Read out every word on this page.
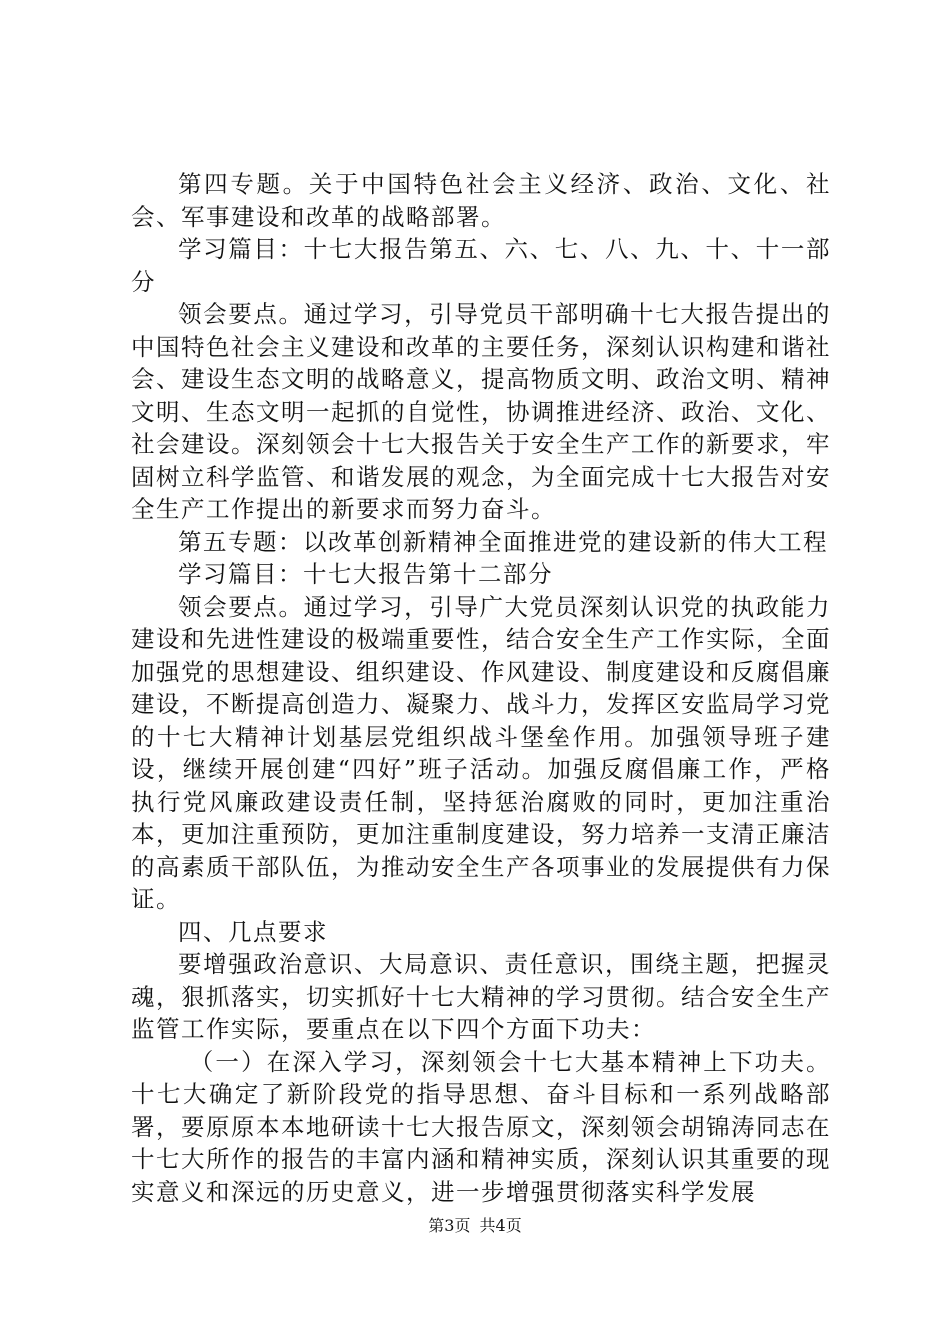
第四专题。关于中国特色社会主义经济、政治、文化、社会、军事建设和改革的战略部署。

学习篇目：十七大报告第五、六、七、八、九、十、十一部分

领会要点。通过学习，引导党员干部明确十七大报告提出的中国特色社会主义建设和改革的主要任务，深刻认识构建和谐社会、建设生态文明的战略意义，提高物质文明、政治文明、精神文明、生态文明一起抓的自觉性，协调推进经济、政治、文化、社会建设。深刻领会十七大报告关于安全生产工作的新要求，牢固树立科学监管、和谐发展的观念，为全面完成十七大报告对安全生产工作提出的新要求而努力奋斗。

第五专题：以改革创新精神全面推进党的建设新的伟大工程

学习篇目：十七大报告第十二部分

领会要点。通过学习，引导广大党员深刻认识党的执政能力建设和先进性建设的极端重要性，结合安全生产工作实际，全面加强党的思想建设、组织建设、作风建设、制度建设和反腐倡廉建设，不断提高创造力、凝聚力、战斗力，发挥区安监局学习党的十七大精神计划基层党组织战斗堡垒作用。加强领导班子建设，继续开展创建“四好”班子活动。加强反腐倡廉工作，严格执行党风廉政建设责任制，坚持惩治腐败的同时，更加注重治本，更加注重预防，更加注重制度建设，努力培养一支清正廉洁的高素质干部队伍，为推动安全生产各项事业的发展提供有力保证。

四、几点要求

要增强政治意识、大局意识、责任意识，围绕主题，把握灵魂，狠抓落实，切实抓好十七大精神的学习贯彻。结合安全生产监管工作实际，要重点在以下四个方面下功夫：

（一）在深入学习，深刻领会十七大基本精神上下功夫。十七大确定了新阶段党的指导思想、奋斗目标和一系列战略部署，要原原本本地研读十七大报告原文，深刻领会胡锦涛同志在十七大所作的报告的丰富内涵和精神实质，深刻认识其重要的现实意义和深远的历史意义，进一步增强贯彻落实科学发展

第3页 共4页
